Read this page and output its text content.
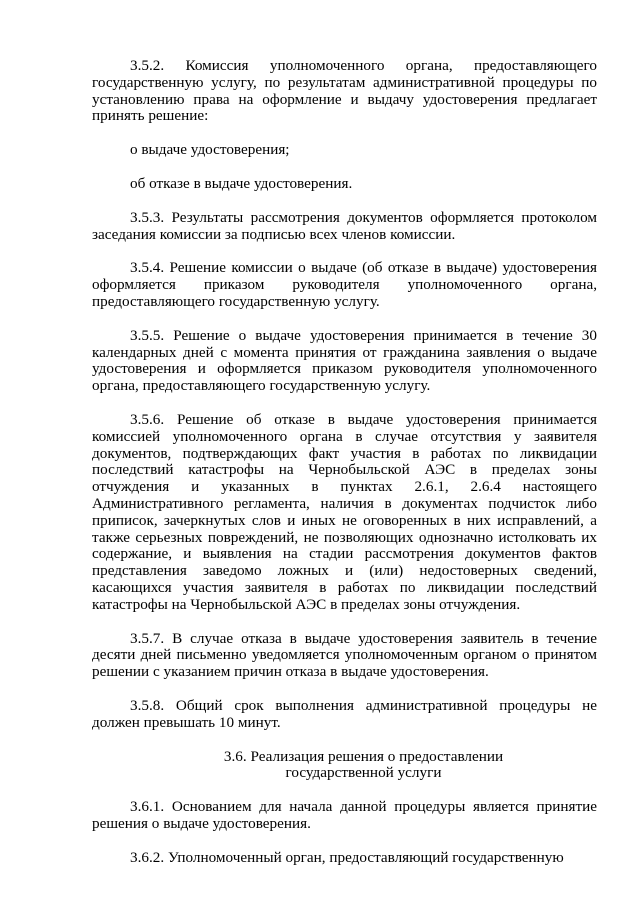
3.5.2. Комиссия уполномоченного органа, предоставляющего государственную услугу, по результатам административной процедуры по установлению права на оформление и выдачу удостоверения предлагает принять решение:

о выдаче удостоверения;

об отказе в выдаче удостоверения.

3.5.3. Результаты рассмотрения документов оформляется протоколом заседания комиссии за подписью всех членов комиссии.

3.5.4. Решение комиссии о выдаче (об отказе в выдаче) удостоверения оформляется приказом руководителя уполномоченного органа, предоставляющего государственную услугу.

3.5.5. Решение о выдаче удостоверения принимается в течение 30 календарных дней с момента принятия от гражданина заявления о выдаче удостоверения и оформляется приказом руководителя уполномоченного органа, предоставляющего государственную услугу.

3.5.6. Решение об отказе в выдаче удостоверения принимается комиссией уполномоченного органа в случае отсутствия у заявителя документов, подтверждающих факт участия в работах по ликвидации последствий катастрофы на Чернобыльской АЭС в пределах зоны отчуждения и указанных в пунктах 2.6.1, 2.6.4 настоящего Административного регламента, наличия в документах подчисток либо приписок, зачеркнутых слов и иных не оговоренных в них исправлений, а также серьезных повреждений, не позволяющих однозначно истолковать их содержание, и выявления на стадии рассмотрения документов фактов представления заведомо ложных и (или) недостоверных сведений, касающихся участия заявителя в работах по ликвидации последствий катастрофы на Чернобыльской АЭС в пределах зоны отчуждения.

3.5.7. В случае отказа в выдаче удостоверения заявитель в течение десяти дней письменно уведомляется уполномоченным органом о принятом решении с указанием причин отказа в выдаче удостоверения.

3.5.8. Общий срок выполнения административной процедуры не должен превышать 10 минут.

3.6. Реализация решения о предоставлении
государственной услуги

3.6.1. Основанием для начала данной процедуры является принятие решения о выдаче удостоверения.

3.6.2. Уполномоченный орган, предоставляющий государственную
